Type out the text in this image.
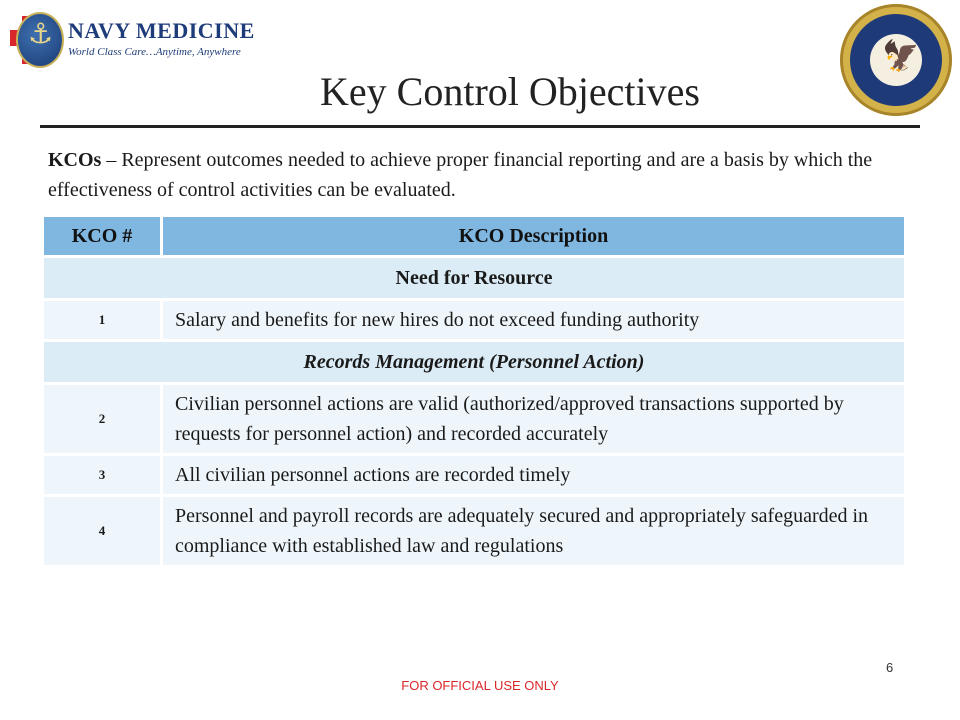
⚓ NAVY MEDICINE
World Class Care…Anytime, Anywhere	🦅
Key Control Objectives
KCOs – Represent outcomes needed to achieve proper financial reporting and are a basis by which the effectiveness of control activities can be evaluated.
KCO #	KCO Description
Need for Resource	
1	Salary and benefits for new hires do not exceed funding authority
Records Management (Personnel Action)	
2	Civilian personnel actions are valid (authorized/approved transactions supported by requests for personnel action) and recorded accurately
3	All civilian personnel actions are recorded timely
4	Personnel and payroll records are adequately secured and appropriately safeguarded in compliance with established law and regulations
6
FOR OFFICIAL USE ONLY
